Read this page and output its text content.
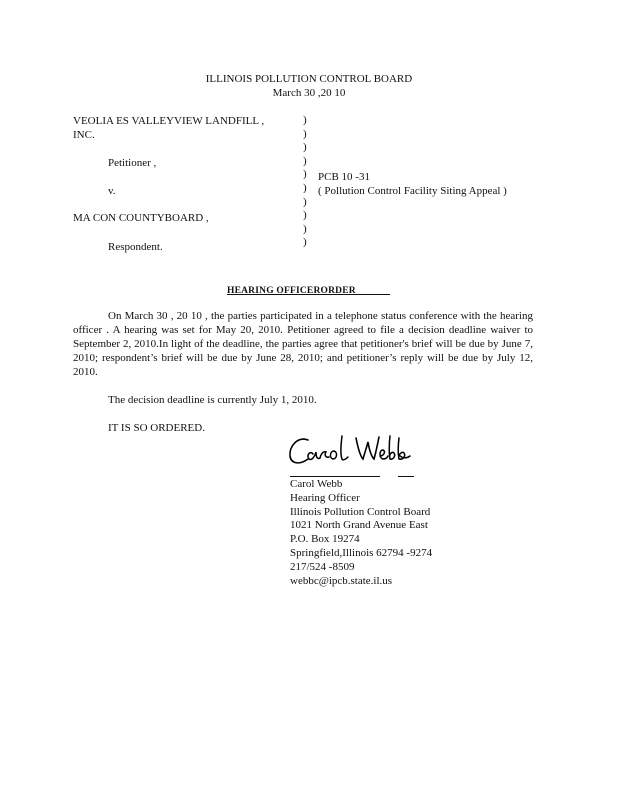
ILLINOIS POLLUTION CONTROL BOARD
March 30 ,20 10
VEOLIA ES VALLEYVIEW LANDFILL ,
INC.
Petitioner ,
v.
MA CON COUNTYBOARD ,
Respondent.
)
)
)
)
)
)
)
)
)
)
PCB 10 -31
( Pollution Control Facility Siting Appeal )
HEARING OFFICERORDER
On March 30 , 20 10 , the parties participated in a telephone status conference with the hearing officer . A hearing was set for May 20, 2010. Petitioner agreed to file a decision deadline waiver to September 2, 2010.In light of the deadline, the parties agree that petitioner's brief will be due by June 7, 2010; respondent’s brief will be due by June 28, 2010; and petitioner’s reply will be due by July 12, 2010.
The decision deadline is currently July 1, 2010.
IT IS SO ORDERED.
Carol Webb
Hearing Officer
Illinois Pollution Control Board
1021 North Grand Avenue East
P.O. Box 19274
Springfield,Illinois 62794 -9274
217/524 -8509
webbc@ipcb.state.il.us
